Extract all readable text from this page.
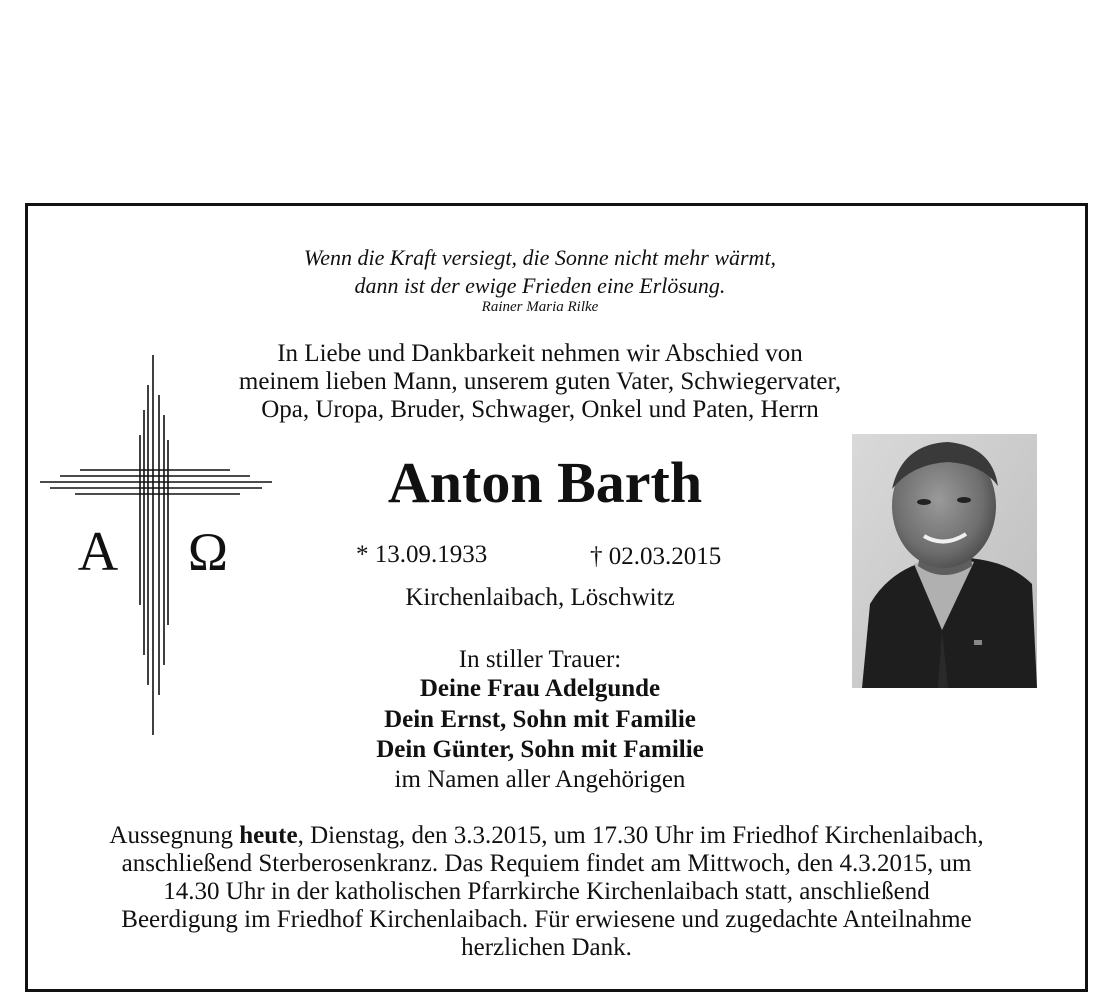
Wenn die Kraft versiegt, die Sonne nicht mehr wärmt,
dann ist der ewige Frieden eine Erlösung.
Rainer Maria Rilke
In Liebe und Dankbarkeit nehmen wir Abschied von
meinem lieben Mann, unserem guten Vater, Schwiegervater,
Opa, Uropa, Bruder, Schwager, Onkel und Paten, Herrn
A Ω
Anton Barth
* 13.09.1933	† 02.03.2015
Kirchenlaibach, Löschwitz
In stiller Trauer:
Deine Frau Adelgunde
Dein Ernst, Sohn mit Familie
Dein Günter, Sohn mit Familie
im Namen aller Angehörigen
Aussegnung heute, Dienstag, den 3.3.2015, um 17.30 Uhr im Friedhof Kirchenlaibach,
anschließend Sterberosenkranz. Das Requiem findet am Mittwoch, den 4.3.2015, um
14.30 Uhr in der katholischen Pfarrkirche Kirchenlaibach statt, anschließend
Beerdigung im Friedhof Kirchenlaibach. Für erwiesene und zugedachte Anteilnahme
herzlichen Dank.
